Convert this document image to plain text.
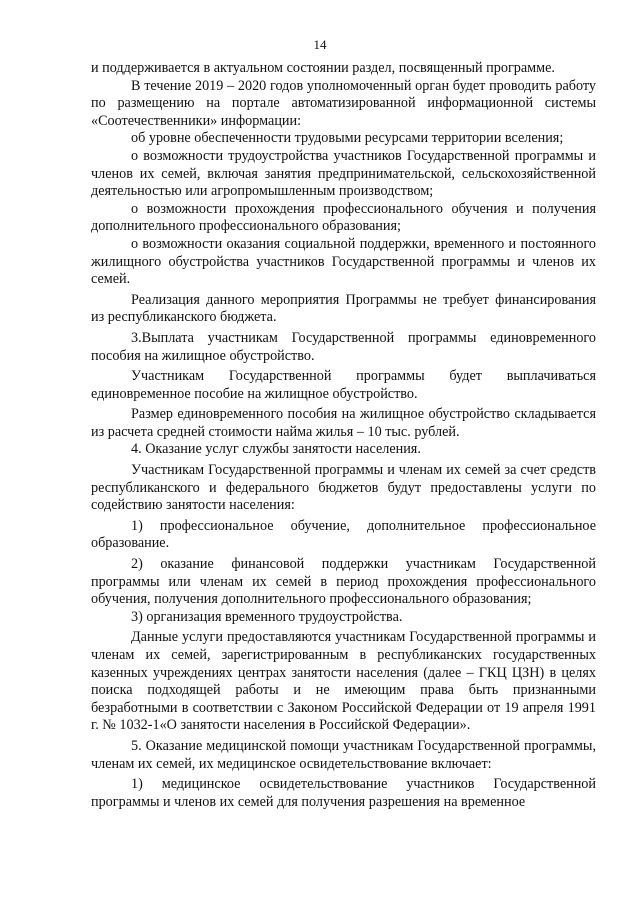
14

и поддерживается в актуальном состоянии раздел, посвященный программе.

В течение 2019 – 2020 годов уполномоченный орган будет проводить работу по размещению на портале автоматизированной информационной системы «Соотечественники» информации:

об уровне обеспеченности трудовыми ресурсами территории вселения;

о возможности трудоустройства участников Государственной программы и членов их семей, включая занятия предпринимательской, сельскохозяйственной деятельностью или агропромышленным производством;

о возможности прохождения профессионального обучения и получения дополнительного профессионального образования;

о возможности оказания социальной поддержки, временного и постоянного жилищного обустройства участников Государственной программы и членов их семей.

Реализация данного мероприятия Программы не требует финансирования из республиканского бюджета.

3.Выплата участникам Государственной программы единовременного пособия на жилищное обустройство.

Участникам Государственной программы будет выплачиваться единовременное пособие на жилищное обустройство.

Размер единовременного пособия на жилищное обустройство складывается из расчета средней стоимости найма жилья – 10 тыс. рублей.

4. Оказание услуг службы занятости населения.

Участникам Государственной программы и членам их семей за счет средств республиканского и федерального бюджетов будут предоставлены услуги по содействию занятости населения:

1) профессиональное обучение, дополнительное профессиональное образование.

2) оказание финансовой поддержки участникам Государственной программы или членам их семей в период прохождения профессионального обучения, получения дополнительного профессионального образования;

3) организация временного трудоустройства.

Данные услуги предоставляются участникам Государственной программы и членам их семей, зарегистрированным в республиканских государственных казенных учреждениях центрах занятости населения (далее – ГКЦ ЦЗН) в целях поиска подходящей работы и не имеющим права быть признанными безработными в соответствии с Законом Российской Федерации от 19 апреля 1991 г. № 1032-1«О занятости населения в Российской Федерации».

5. Оказание медицинской помощи участникам Государственной программы, членам их семей, их медицинское освидетельствование включает:

1) медицинское освидетельствование участников Государственной программы и членов их семей для получения разрешения на временное
